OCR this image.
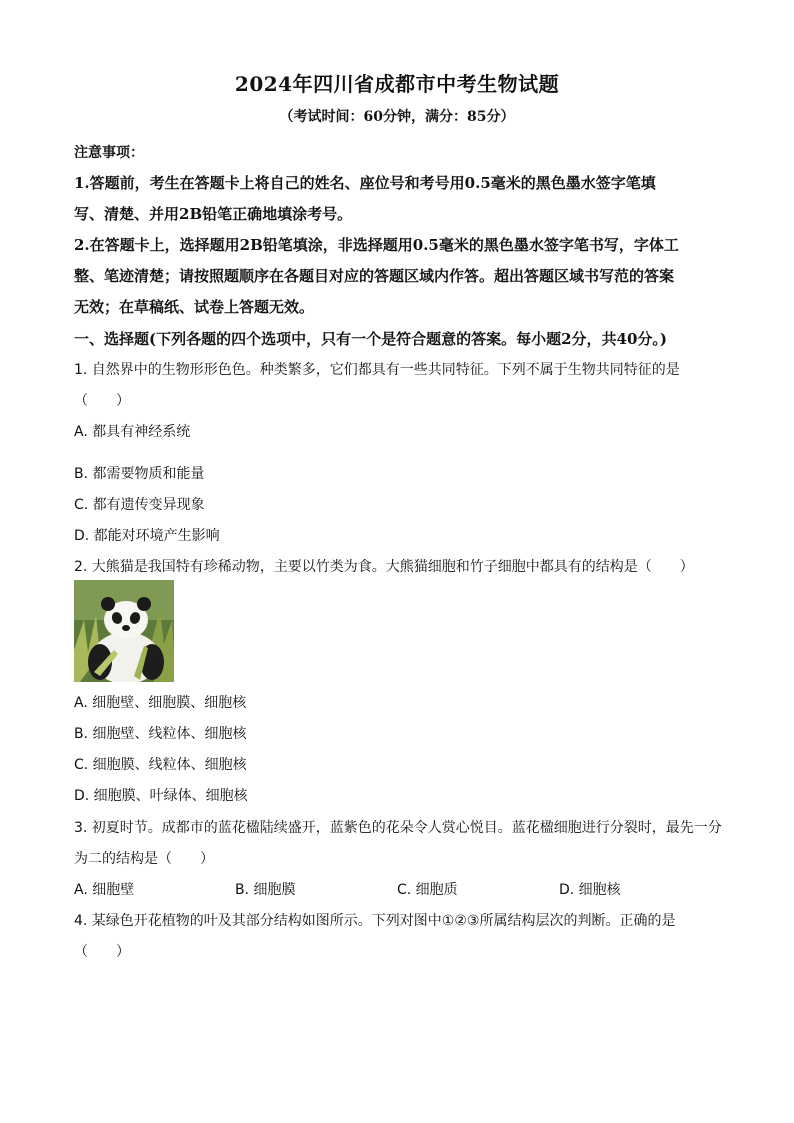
2024年四川省成都市中考生物试题
（考试时间：60分钟，满分：85分）
注意事项：
1.答题前，考生在答题卡上将自己的姓名、座位号和考号用0.5毫米的黑色墨水签字笔填
写、清楚、并用2B铅笔正确地填涂考号。
2.在答题卡上，选择题用2B铅笔填涂，非选择题用0.5毫米的黑色墨水签字笔书写，字体工
整、笔迹清楚；请按照题顺序在各题目对应的答题区域内作答。超出答题区域书写范的答案
无效；在草稿纸、试卷上答题无效。
一、选择题(下列各题的四个选项中，只有一个是符合题意的答案。每小题2分，共40分。)
1. 自然界中的生物形形色色。种类繁多，它们都具有一些共同特征。下列不属于生物共同特征的是
（　　）
A. 都具有神经系统
B. 都需要物质和能量
C. 都有遗传变异现象
D. 都能对环境产生影响
2. 大熊猫是我国特有珍稀动物，主要以竹类为食。大熊猫细胞和竹子细胞中都具有的结构是（　　）
A. 细胞壁、细胞膜、细胞核
B. 细胞壁、线粒体、细胞核
C. 细胞膜、线粒体、细胞核
D. 细胞膜、叶绿体、细胞核
3. 初夏时节。成都市的蓝花楹陆续盛开，蓝紫色的花朵令人赏心悦目。蓝花楹细胞进行分裂时，最先一分
为二的结构是（　　）
A. 细胞壁	B. 细胞膜	C. 细胞质	D. 细胞核
4. 某绿色开花植物的叶及其部分结构如图所示。下列对图中①②③所属结构层次的判断。正确的是
（　　）
